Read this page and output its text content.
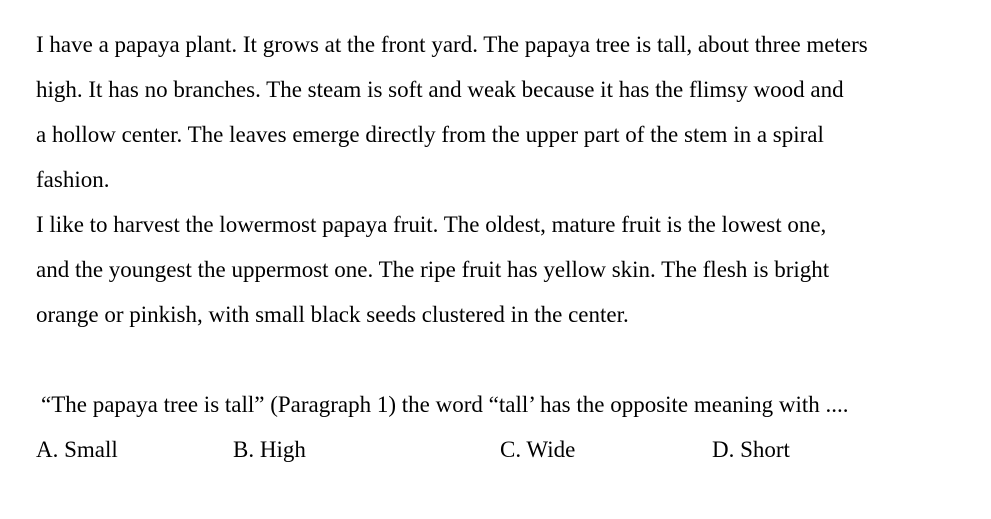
I have a papaya plant. It grows at the front yard. The papaya tree is tall, about three meters
high. It has no branches. The steam is soft and weak because it has the flimsy wood and
a hollow center. The leaves emerge directly from the upper part of the stem in a spiral
fashion.
I like to harvest the lowermost papaya fruit. The oldest, mature fruit is the lowest one,
and the youngest the uppermost one. The ripe fruit has yellow skin. The flesh is bright
orange or pinkish, with small black seeds clustered in the center.
“The papaya tree is tall” (Paragraph 1) the word “tall’ has the opposite meaning with ....
A. Small	B. High	C. Wide	D. Short
